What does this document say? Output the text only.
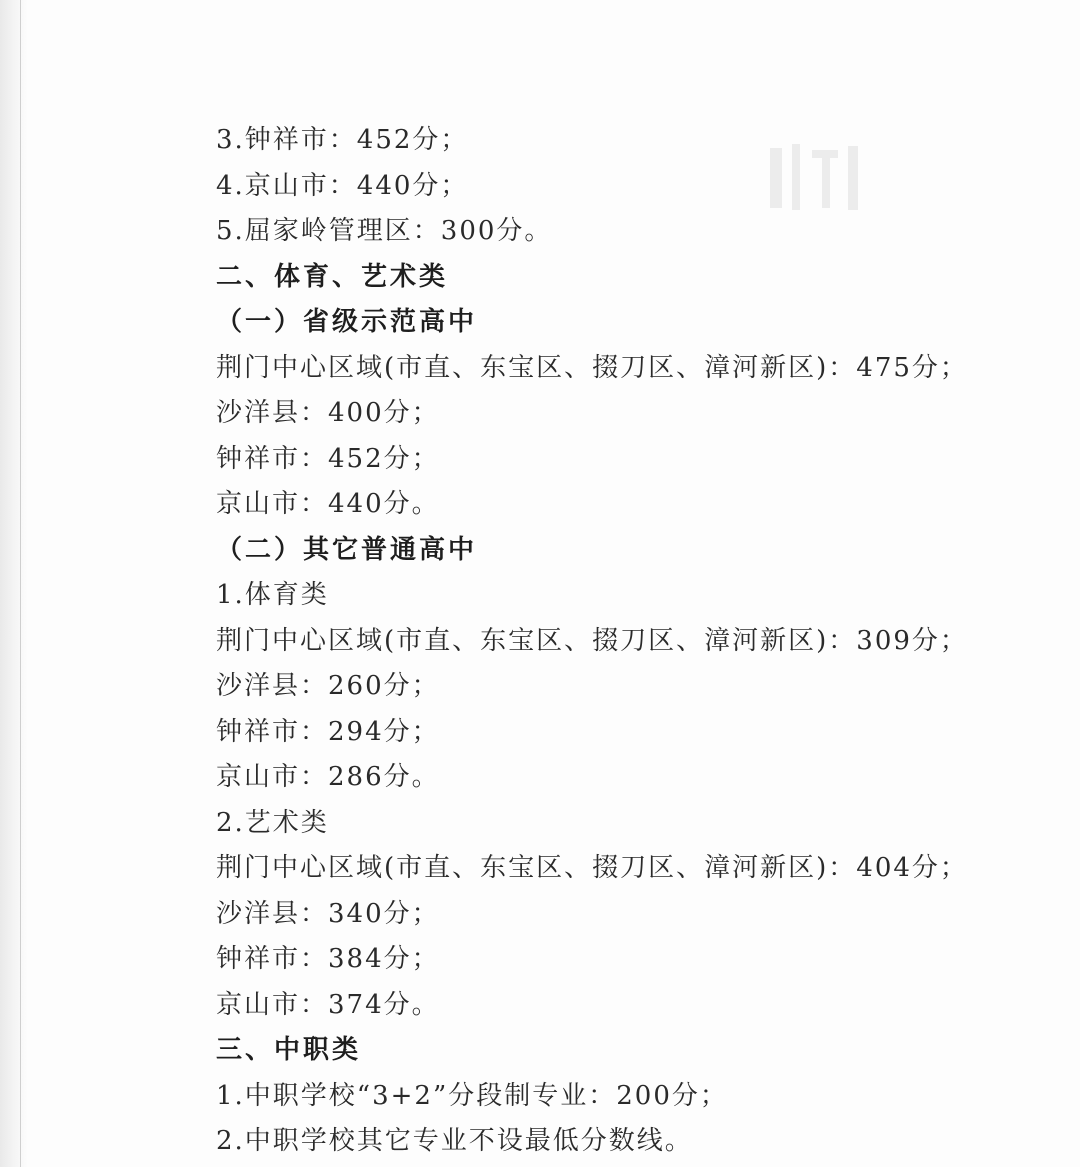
3.钟祥市：452分；
4.京山市：440分；
5.屈家岭管理区：300分。
二、体育、艺术类
（一）省级示范高中
荆门中心区域(市直、东宝区、掇刀区、漳河新区)：475分；
沙洋县：400分；
钟祥市：452分；
京山市：440分。
（二）其它普通高中
1.体育类
荆门中心区域(市直、东宝区、掇刀区、漳河新区)：309分；
沙洋县：260分；
钟祥市：294分；
京山市：286分。
2.艺术类
荆门中心区域(市直、东宝区、掇刀区、漳河新区)：404分；
沙洋县：340分；
钟祥市：384分；
京山市：374分。
三、中职类
1.中职学校“3+2”分段制专业：200分；
2.中职学校其它专业不设最低分数线。
